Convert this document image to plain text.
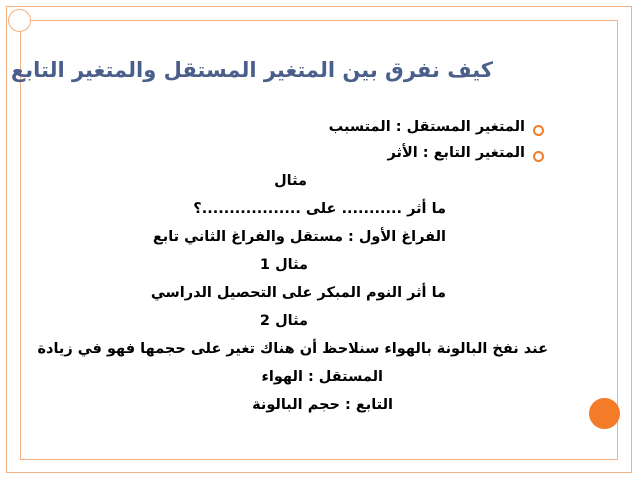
كيف نفرق بين المتغير المستقل والمتغير التابع
المتغير المستقل : المتسبب
المتغير التابع : الأثر
مثال
ما أثر ........... على ..................؟
الفراغ الأول : مستقل والفراغ الثاني تابع
مثال 1
ما أثر النوم المبكر على التحصيل الدراسي
مثال 2
عند نفخ البالونة بالهواء سنلاحظ أن هناك تغير على حجمها فهو في زيادة
المستقل : الهواء
التابع : حجم البالونة
